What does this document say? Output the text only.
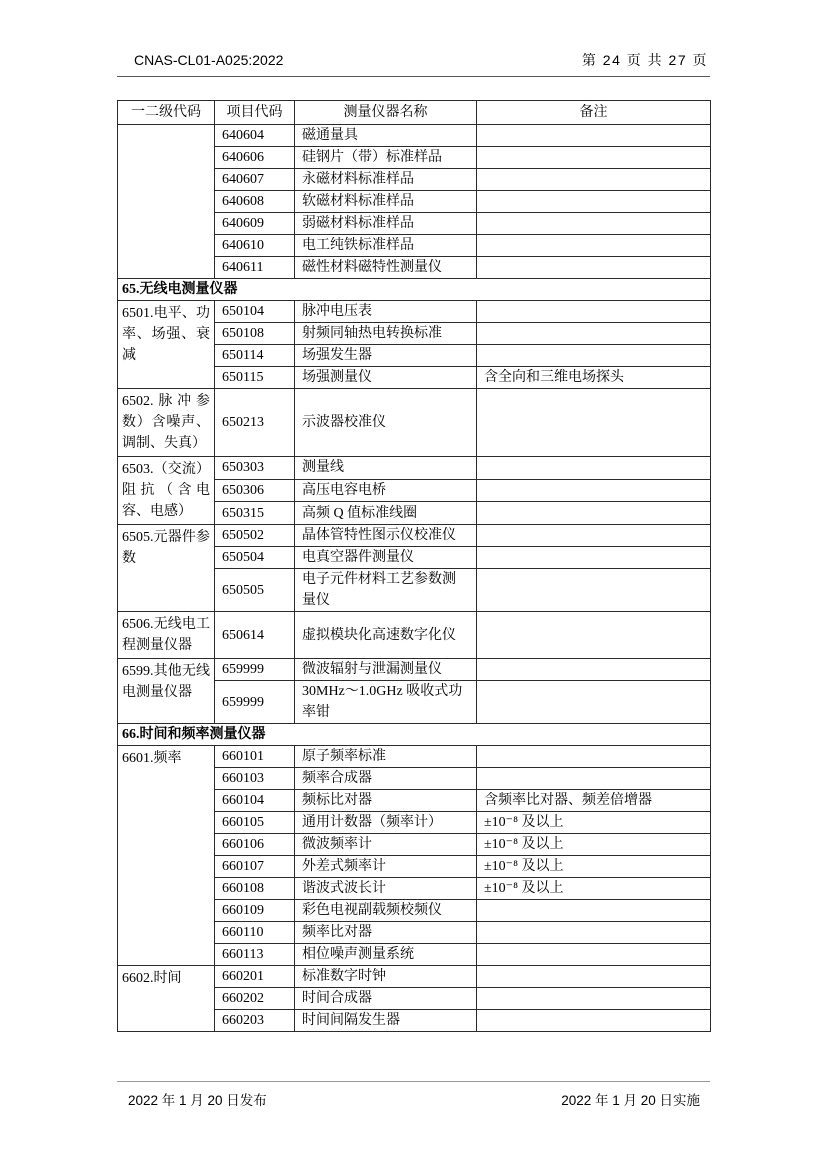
CNAS-CL01-A025:2022	第 24 页 共 27 页
一二级代码	项目代码	测量仪器名称	备注
	640604	磁通量具	
	640606	硅钢片（带）标准样品	
	640607	永磁材料标准样品	
	640608	软磁材料标准样品	
	640609	弱磁材料标准样品	
	640610	电工纯铁标准样品	
	640611	磁性材料磁特性测量仪	
65.无线电测量仪器			
6501.电平、功率、场强、衰减	650104	脉冲电压表	
	650108	射频同轴热电转换标准	
	650114	场强发生器	
	650115	场强测量仪	含全向和三维电场探头
6502.脉冲参数）含噪声、调制、失真）	650213	示波器校准仪	
6503.（交流）阻抗（含电容、电感）	650303	测量线	
	650306	高压电容电桥	
	650315	高频 Q 值标准线圈	
6505.元器件参数	650502	晶体管特性图示仪校准仪	
	650504	电真空器件测量仪	
	650505	电子元件材料工艺参数测量仪	
6506.无线电工程测量仪器	650614	虚拟模块化高速数字化仪	
6599.其他无线电测量仪器	659999	微波辐射与泄漏测量仪	
	659999	30MHz～1.0GHz 吸收式功率钳	
66.时间和频率测量仪器			
6601.频率	660101	原子频率标准	
	660103	频率合成器	
	660104	频标比对器	含频率比对器、频差倍增器
	660105	通用计数器（频率计）	±10⁻⁸ 及以上
	660106	微波频率计	±10⁻⁸ 及以上
	660107	外差式频率计	±10⁻⁸ 及以上
	660108	谐波式波长计	±10⁻⁸ 及以上
	660109	彩色电视副载频校频仪	
	660110	频率比对器	
	660113	相位噪声测量系统	
6602.时间	660201	标准数字时钟	
	660202	时间合成器	
	660203	时间间隔发生器	
2022 年 1 月 20 日发布	2022 年 1 月 20 日实施
